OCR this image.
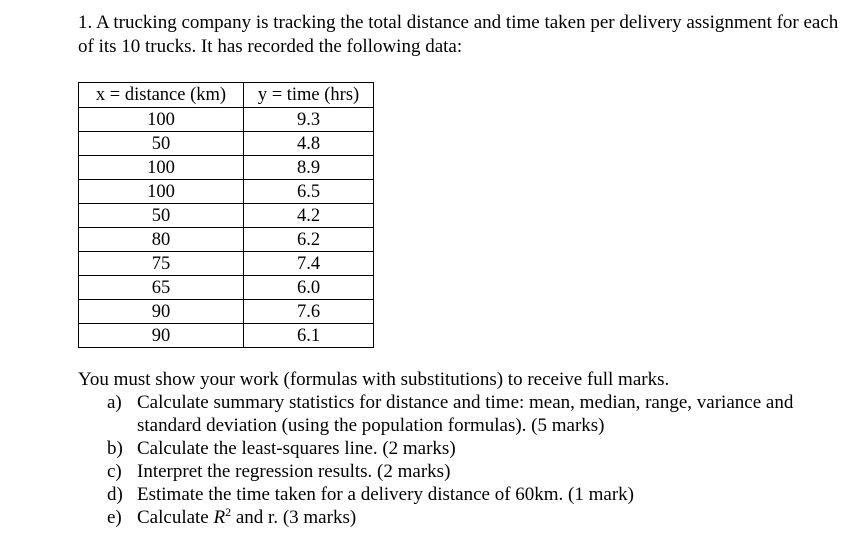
1. A trucking company is tracking the total distance and time taken per delivery assignment for each of its 10 trucks. It has recorded the following data:

x = distance (km)	y = time (hrs)
100	9.3
50	4.8
100	8.9
100	6.5
50	4.2
80	6.2
75	7.4
65	6.0
90	7.6
90	6.1

You must show your work (formulas with substitutions) to receive full marks.

a) Calculate summary statistics for distance and time: mean, median, range, variance and standard deviation (using the population formulas). (5 marks)
b) Calculate the least-squares line. (2 marks)
c) Interpret the regression results. (2 marks)
d) Estimate the time taken for a delivery distance of 60km. (1 mark)
e) Calculate $R^2$ and r. (3 marks)
